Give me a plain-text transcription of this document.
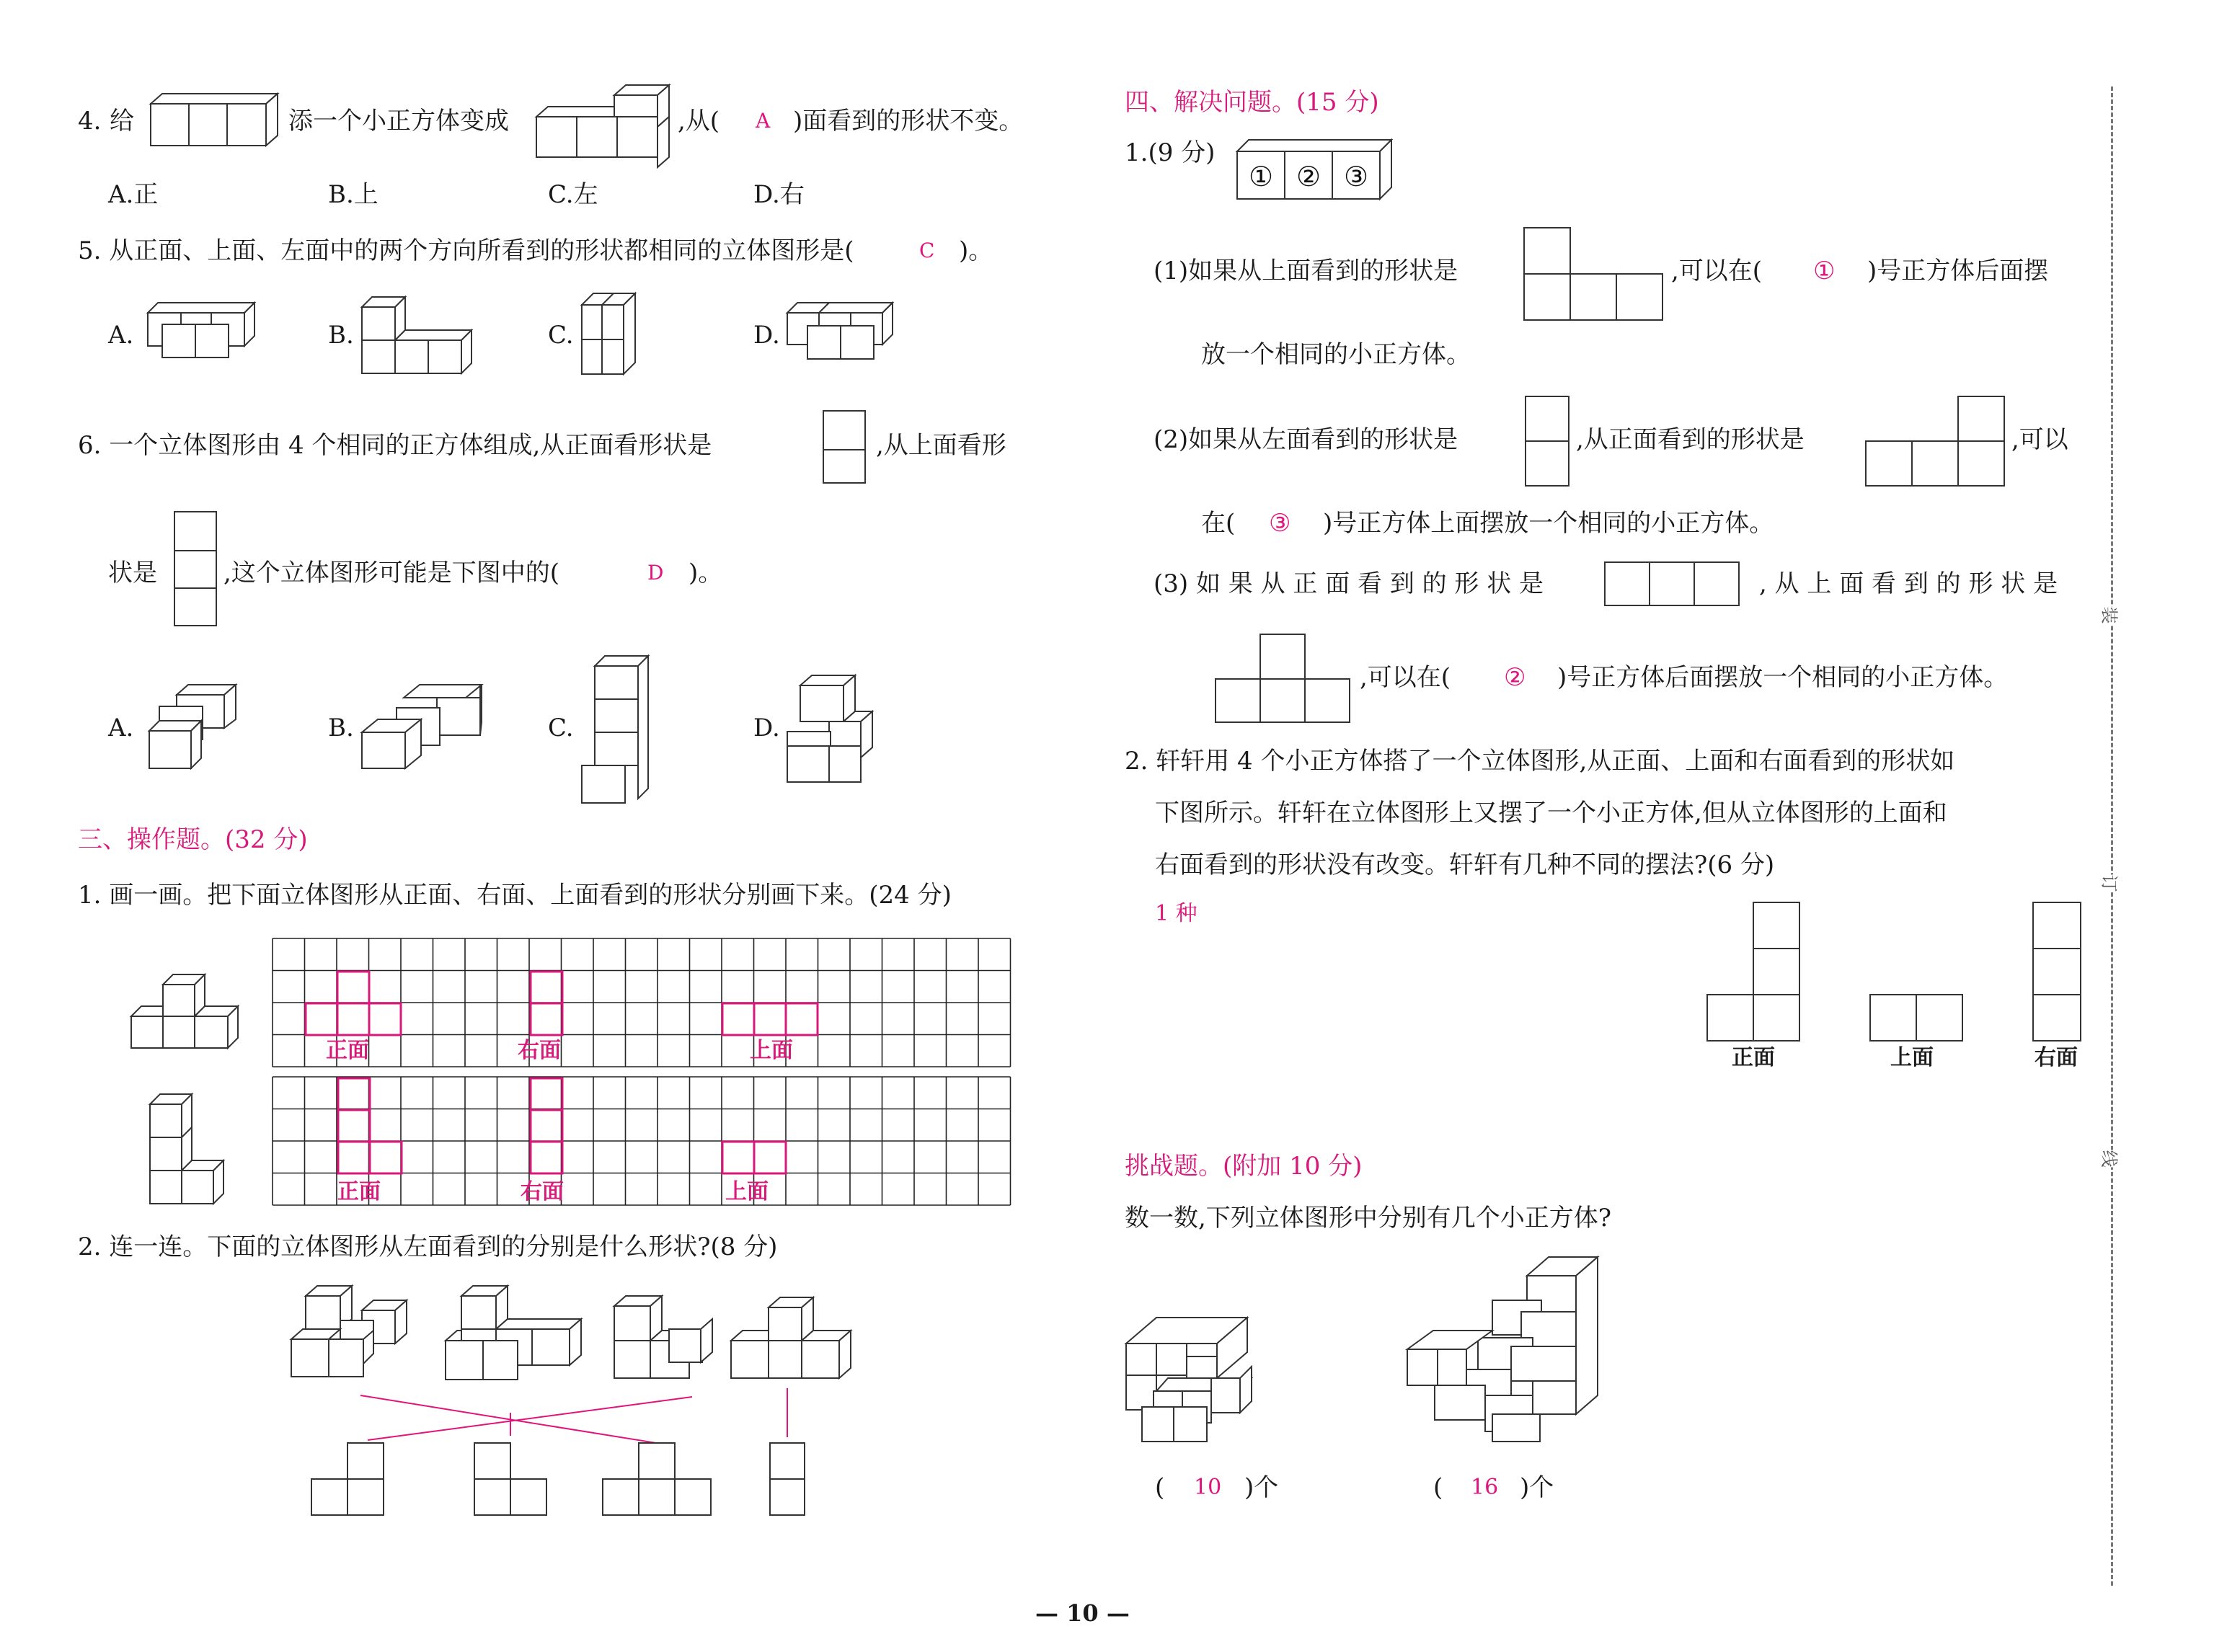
4. 给	添一个小正方体变成	,从( A )面看到的形状不变。
A.正	B.上	C.左	D.右
5. 从正面、上面、左面中的两个方向所看到的形状都相同的立体图形是(	C )。
A.	B.	C.	D.
6. 一个立体图形由 4 个相同的正方体组成,从正面看形状是	,从上面看形
状是	,这个立体图形可能是下图中的(	D )。
A.	B.	C.	D.
三、操作题。(32 分)
1. 画一画。把下面立体图形从正面、右面、上面看到的形状分别画下来。(24 分)
正面	右面	上面
正面	右面	上面
2. 连一连。下面的立体图形从左面看到的分别是什么形状?(8 分)
四、解决问题。(15 分)
1.(9 分)
① ② ③
(1)如果从上面看到的形状是	,可以在( ① )号正方体后面摆
放一个相同的小正方体。
(2)如果从左面看到的形状是	,从正面看到的形状是	,可以
在( ③ )号正方体上面摆放一个相同的小正方体。
(3) 如 果 从 正 面 看 到 的 形 状 是	, 从 上 面 看 到 的 形 状 是
,可以在( ② )号正方体后面摆放一个相同的小正方体。
2. 轩轩用 4 个小正方体搭了一个立体图形,从正面、上面和右面看到的形状如
下图所示。轩轩在立体图形上又摆了一个小正方体,但从立体图形的上面和
右面看到的形状没有改变。轩轩有几种不同的摆法?(6 分)
1 种
正面	上面	右面
挑战题。(附加 10 分)
数一数,下列立体图形中分别有几个小正方体?
( 10 )个	( 16 )个
装
订
线
— 10 —
